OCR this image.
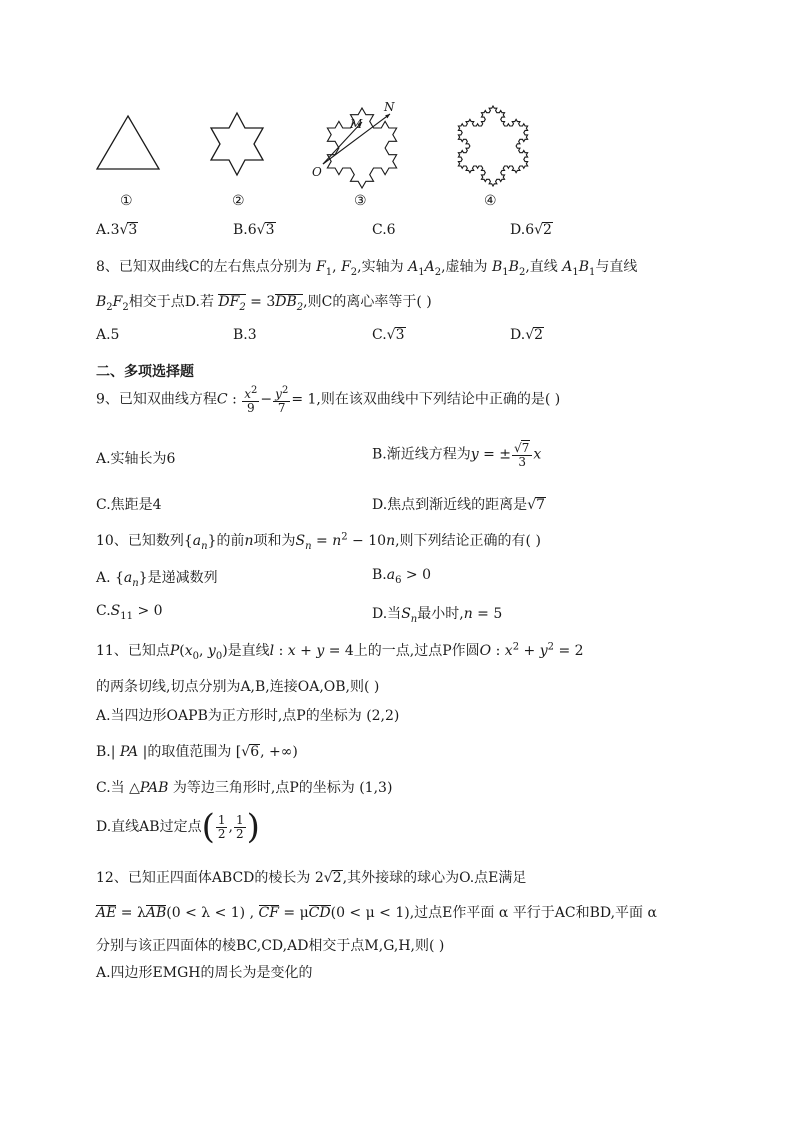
M
N
O
①	②	③	④
A.3√3	B.6√3	C.6	D.6√2
8、已知双曲线C的左右焦点分别为 $F_1$, $F_2$,实轴为 $A_1A_2$,虚轴为 $B_1B_2$,直线 $A_1B_1$与直线
$B_2F_2$相交于点D.若 $DF_2 = 3DB_2$,则C的离心率等于( )
A.5	B.3	C.√3	D.√2
二、多项选择题
9、已知双曲线方程C : $\frac{x^2}{9} - \frac{y^2}{7} = 1$,则在该双曲线中下列结论中正确的是( )
A.实轴长为6	B.渐近线方程为y = ± $\frac{√7}{3}$ x
C.焦距是4	D.焦点到渐近线的距离是√7
10、已知数列$\{a_n\}$的前n项和为$S_n = n^2 - 10n$,则下列结论正确的有( )
A. $\{a_n\}$是递减数列	$B.a_6 > 0$
$C.S_{11} > 0$	D.当$S_n$最小时,n = 5
11、已知点$P(x_0$, $y_0$)是直线l : x + y = 4上的一点,过点P作圆O : $x^2 + y^2 = 2$
的两条切线,切点分别为A,B,连接OA,OB,则( )
A.当四边形OAPB为正方形时,点P的坐标为 (2,2)
B.| PA |的取值范围为 [√6, +∞)
C.当 △PAB 为等边三角形时,点P的坐标为 (1,3)
D.直线AB过定点( $\frac{1}{2}$ , $\frac{1}{2}$ )
12、已知正四面体ABCD的棱长为 2√2,其外接球的球心为O.点E满足
AE = λAB(0 < λ < 1) , CF = μCD(0 < μ < 1),过点E作平面 α 平行于AC和BD,平面 α
分别与该正四面体的棱BC,CD,AD相交于点M,G,H,则( )
A.四边形EMGH的周长为是变化的
